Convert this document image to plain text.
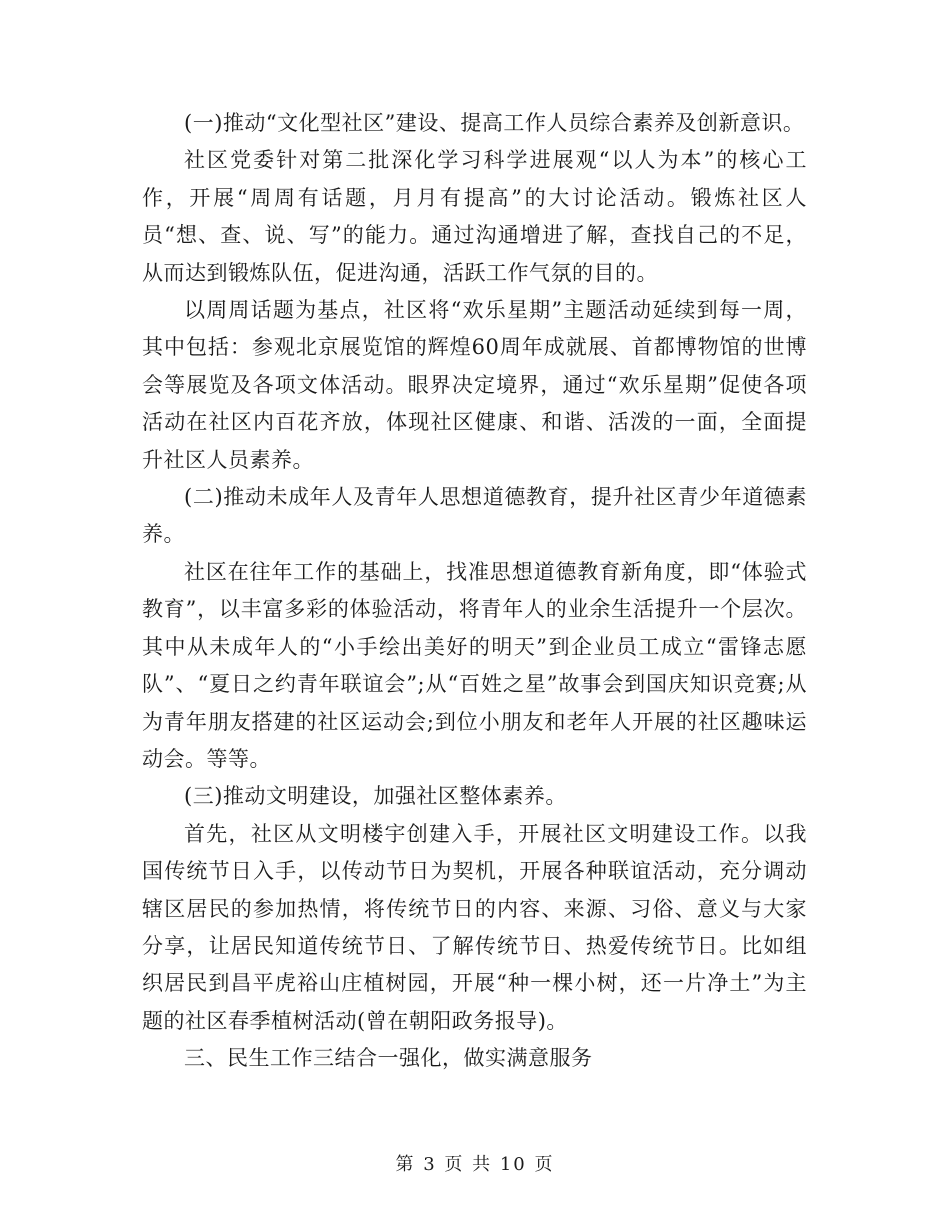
(一)推动“文化型社区”建设、提高工作人员综合素养及创新意识。

社区党委针对第二批深化学习科学进展观“以人为本”的核心工作，开展“周周有话题，月月有提高”的大讨论活动。锻炼社区人员“想、查、说、写”的能力。通过沟通增进了解，查找自己的不足，从而达到锻炼队伍，促进沟通，活跃工作气氛的目的。

以周周话题为基点，社区将“欢乐星期”主题活动延续到每一周，其中包括：参观北京展览馆的辉煌60周年成就展、首都博物馆的世博会等展览及各项文体活动。眼界决定境界，通过“欢乐星期”促使各项活动在社区内百花齐放，体现社区健康、和谐、活泼的一面，全面提升社区人员素养。

(二)推动未成年人及青年人思想道德教育，提升社区青少年道德素养。

社区在往年工作的基础上，找准思想道德教育新角度，即“体验式教育”，以丰富多彩的体验活动，将青年人的业余生活提升一个层次。其中从未成年人的“小手绘出美好的明天”到企业员工成立“雷锋志愿队”、“夏日之约青年联谊会”;从“百姓之星”故事会到国庆知识竞赛;从为青年朋友搭建的社区运动会;到位小朋友和老年人开展的社区趣味运动会。等等。

(三)推动文明建设，加强社区整体素养。

首先，社区从文明楼宇创建入手，开展社区文明建设工作。以我国传统节日入手，以传动节日为契机，开展各种联谊活动，充分调动辖区居民的参加热情，将传统节日的内容、来源、习俗、意义与大家分享，让居民知道传统节日、了解传统节日、热爱传统节日。比如组织居民到昌平虎裕山庄植树园，开展“种一棵小树，还一片净土”为主题的社区春季植树活动(曾在朝阳政务报导)。

三、民生工作三结合一强化，做实满意服务

第 3 页 共 10 页
